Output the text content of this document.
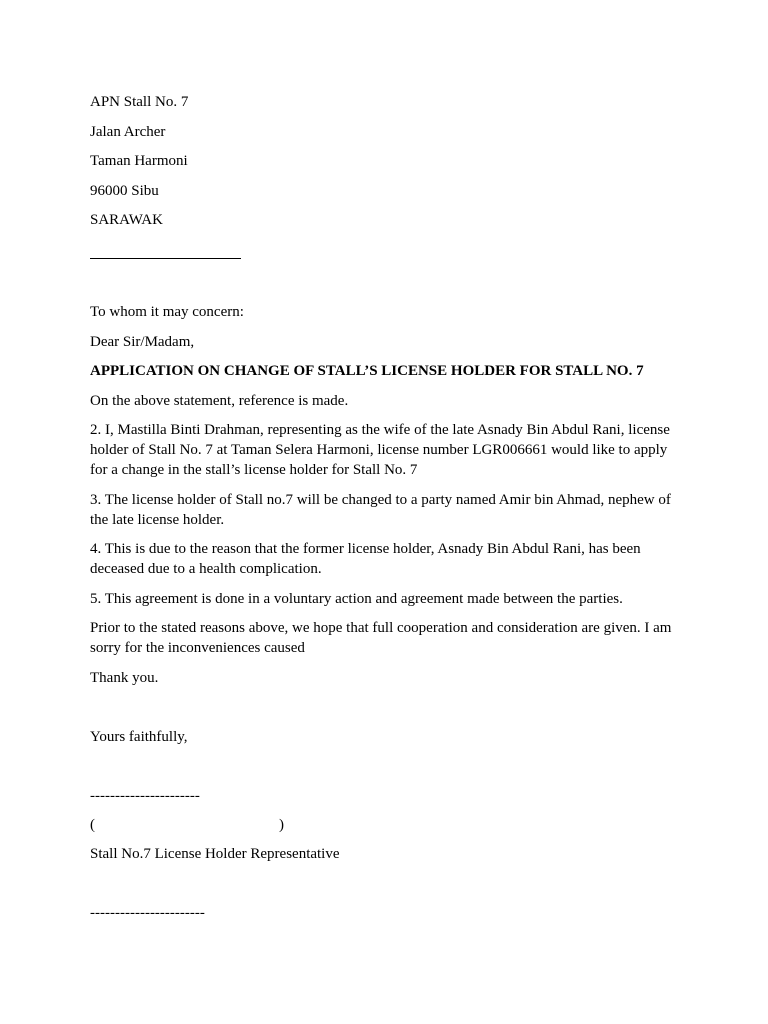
APN Stall No. 7
Jalan Archer
Taman Harmoni
96000 Sibu
SARAWAK
To whom it may concern:
Dear Sir/Madam,
APPLICATION ON CHANGE OF STALL’S LICENSE HOLDER FOR STALL NO. 7
On the above statement, reference is made.
2. I, Mastilla Binti Drahman, representing as the wife of the late Asnady Bin Abdul Rani, license holder of Stall No. 7 at Taman Selera Harmoni, license number LGR006661 would like to apply for a change in the stall’s license holder for Stall No. 7
3. The license holder of Stall no.7 will be changed to a party named Amir bin Ahmad, nephew of the late license holder.
4. This is due to the reason that the former license holder, Asnady Bin Abdul Rani, has been deceased due to a health complication.
5. This agreement is done in a voluntary action and agreement made between the parties.
Prior to the stated reasons above, we hope that full cooperation and consideration are given. I am sorry for the inconveniences caused
Thank you.
Yours faithfully,
----------------------
(	)
Stall No.7 License Holder Representative
-----------------------
